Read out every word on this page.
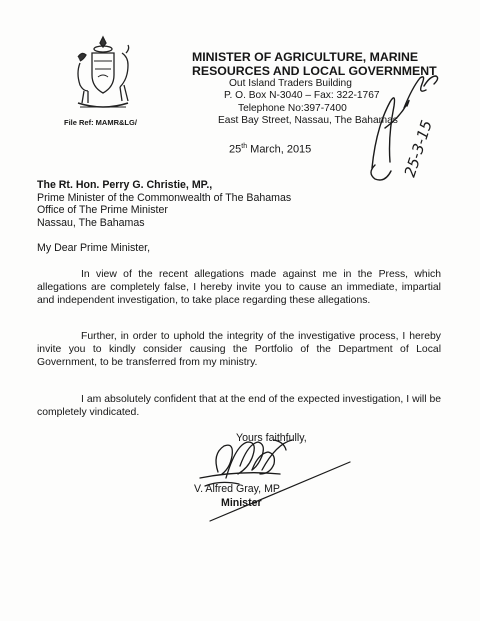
MINISTER OF AGRICULTURE, MARINE
RESOURCES AND LOCAL GOVERNMENT
Out Island Traders Building
P. O. Box N-3040 – Fax: 322-1767
Telephone No:397-7400
East Bay Street, Nassau, The Bahamas
File Ref: MAMR&LG/
25th March, 2015
The Rt. Hon. Perry G. Christie, MP.,
Prime Minister of the Commonwealth of The Bahamas
Office of The Prime Minister
Nassau, The Bahamas
My Dear Prime Minister,
In view of the recent allegations made against me in the Press, which allegations are completely false, I hereby invite you to cause an immediate, impartial and independent investigation, to take place regarding these allegations.
Further, in order to uphold the integrity of the investigative process, I hereby invite you to kindly consider causing the Portfolio of the Department of Local Government, to be transferred from my ministry.
I am absolutely confident that at the end of the expected investigation, I will be completely vindicated.
Yours faithfully,
V. Alfred Gray, MP.
Minister
25-3-15
